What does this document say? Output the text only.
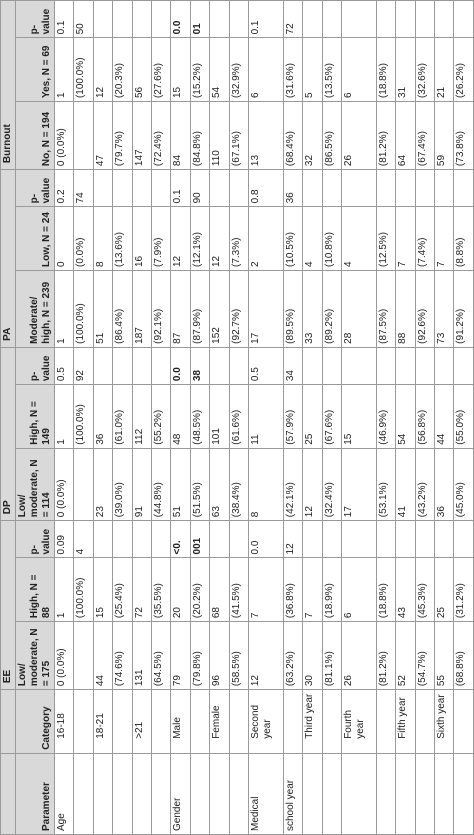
		EE			DP			PA			Burnout		
Parameter	Category	Low/ moderate, N = 175	High, N = 88	p- value	Low/ moderate, N = 114	High, N = 149	p- value	Moderate/ high, N = 239	Low, N = 24	p- value	No, N = 194	Yes, N = 69	p- value
Age	16-18	0 (0.0%)	1	0.09	0 (0.0%)	1	0.5	1	0	0.2	0 (0.0%)	1	0.1
			(100.0%)	4		(100.0%)	92	(100.0%)	(0.0%)	74		(100.0%)	50
	18-21	44	15		23	36		51	8		47	12	
		(74.6%)	(25.4%)		(39.0%)	(61.0%)		(86.4%)	(13.6%)		(79.7%)	(20.3%)	
	>21	131	72		91	112		187	16		147	56	
		(64.5%)	(35.5%)		(44.8%)	(55.2%)		(92.1%)	(7.9%)		(72.4%)	(27.6%)	
Gender	Male	79	20	<0.	51	48	0.0	87	12	0.1	84	15	0.0
		(79.8%)	(20.2%)	001	(51.5%)	(48.5%)	38	(87.9%)	(12.1%)	90	(84.8%)	(15.2%)	01
	Female	96	68		63	101		152	12		110	54	
		(58.5%)	(41.5%)		(38.4%)	(61.6%)		(92.7%)	(7.3%)		(67.1%)	(32.9%)	
Medical	Second year	12	7	0.0	8	11	0.5	17	2	0.8	13	6	0.1
school year		(63.2%)	(36.8%)	12	(42.1%)	(57.9%)	34	(89.5%)	(10.5%)	36	(68.4%)	(31.6%)	72
	Third year	30	7		12	25		33	4		32	5	
		(81.1%)	(18.9%)		(32.4%)	(67.6%)		(89.2%)	(10.8%)		(86.5%)	(13.5%)	
	Fourth year	26	6		17	15		28	4		26	6	
		(81.2%)	(18.8%)		(53.1%)	(46.9%)		(87.5%)	(12.5%)		(81.2%)	(18.8%)	
	Fifth year	52	43		41	54		88	7		64	31	
		(54.7%)	(45.3%)		(43.2%)	(56.8%)		(92.6%)	(7.4%)		(67.4%)	(32.6%)	
	Sixth year	55	25		36	44		73	7		59	21	
		(68.8%)	(31.2%)		(45.0%)	(55.0%)		(91.2%)	(8.8%)		(73.8%)	(26.2%)	
